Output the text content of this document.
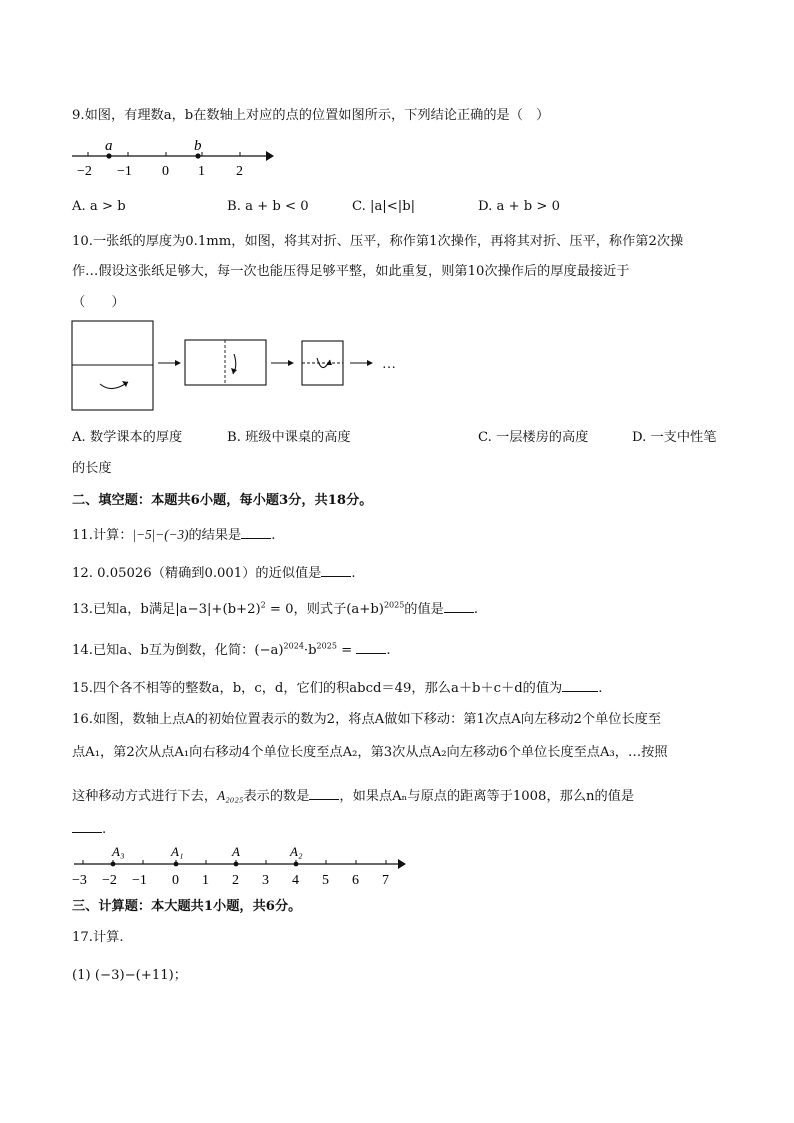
9.如图，有理数a，b在数轴上对应的点的位置如图所示，下列结论正确的是（　）
a	b
−2 −1 0 1 2
A. a > b	B. a + b < 0	C. |a|<|b|	D. a + b > 0
10.一张纸的厚度为0.1mm，如图，将其对折、压平，称作第1次操作，再将其对折、压平，称作第2次操
作…假设这张纸足够大，每一次也能压得足够平整，如此重复，则第10次操作后的厚度最接近于
（　　）
…
A. 数学课本的厚度	B. 班级中课桌的高度	C. 一层楼房的高度	D. 一支中性笔
的长度
二、填空题：本题共6小题，每小题3分，共18分。
11.计算：|−5|−(−3)的结果是 .
12. 0.05026（精确到0.001）的近似值是 .
13.已知a，b满足$|a-3|+(b+2)^2 = 0$，则式子$(a+b)^{2025}$的值是 .
14.已知a、b互为倒数，化简：$(-a)^{2024}\cdot b^{2025}$ = .
15.四个各不相等的整数a，b，c，d，它们的积abcd＝49，那么a＋b＋c＋d的值为	.
16.如图，数轴上点A的初始位置表示的数为2，将点A做如下移动：第1次点A向左移动2个单位长度至
点A₁，第2次从点A₁向右移动4个单位长度至点A₂，第3次从点A₂向左移动6个单位长度至点A₃，…按照
这种移动方式进行下去，A₂₀₂₅表示的数是 ，如果点Aₙ与原点的距离等于1008，那么n的值是
.
A₃	A₁	A	A₂
−3 −2 −1 0 1 2 3 4 5 6 7
三、计算题：本大题共1小题，共6分。
17.计算.
(1) (−3)−(+11)；
